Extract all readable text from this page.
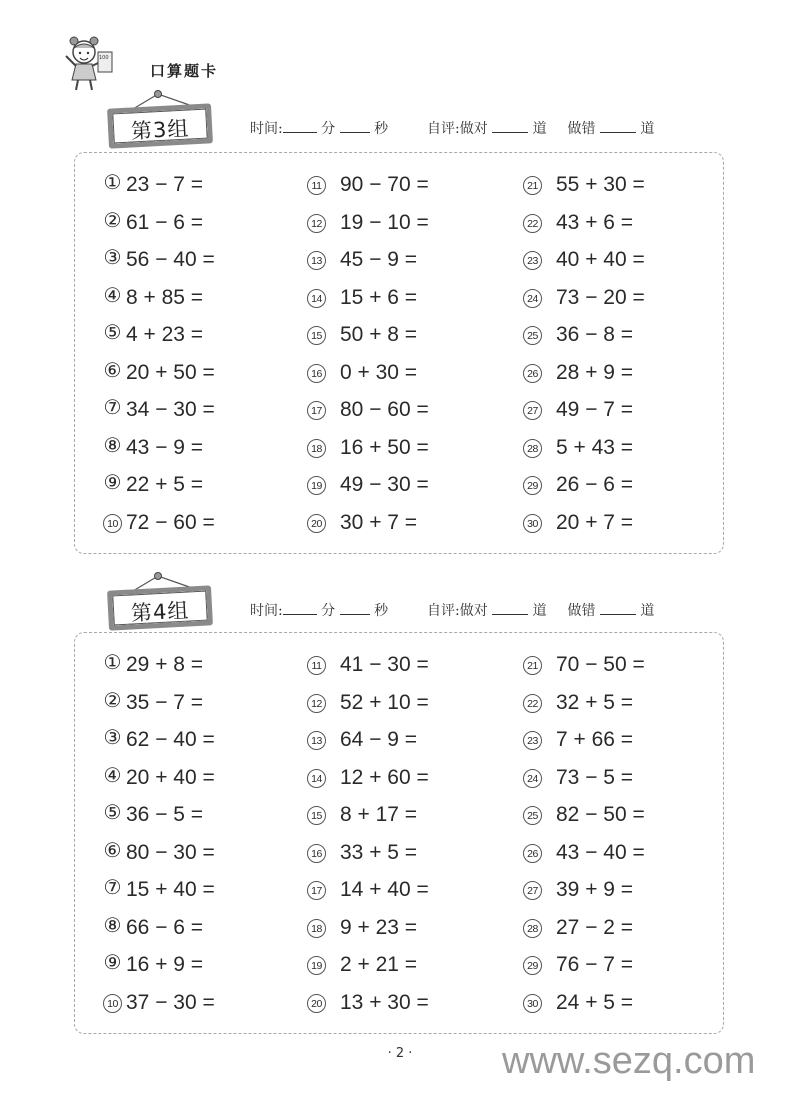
100
口算题卡
第3组	时间:	分	秒	自评:做对	道 做错	道
① 23 − 7 =
② 61 − 6 =
③ 56 − 40 =
④ 8 + 85 =
⑤ 4 + 23 =
⑥ 20 + 50 =
⑦ 34 − 30 =
⑧ 43 − 9 =
⑨ 22 + 5 =
10 72 − 60 =
11 90 − 70 =
12 19 − 10 =
13 45 − 9 =
14 15 + 6 =
15 50 + 8 =
16 0 + 30 =
17 80 − 60 =
18 16 + 50 =
19 49 − 30 =
20 30 + 7 =
21 55 + 30 =
22 43 + 6 =
23 40 + 40 =
24 73 − 20 =
25 36 − 8 =
26 28 + 9 =
27 49 − 7 =
28 5 + 43 =
29 26 − 6 =
30 20 + 7 =
第4组	时间:	分	秒	自评:做对	道 做错	道
① 29 + 8 =
② 35 − 7 =
③ 62 − 40 =
④ 20 + 40 =
⑤ 36 − 5 =
⑥ 80 − 30 =
⑦ 15 + 40 =
⑧ 66 − 6 =
⑨ 16 + 9 =
10 37 − 30 =
11 41 − 30 =
12 52 + 10 =
13 64 − 9 =
14 12 + 60 =
15 8 + 17 =
16 33 + 5 =
17 14 + 40 =
18 9 + 23 =
19 2 + 21 =
20 13 + 30 =
21 70 − 50 =
22 32 + 5 =
23 7 + 66 =
24 73 − 5 =
25 82 − 50 =
26 43 − 40 =
27 39 + 9 =
28 27 − 2 =
29 76 − 7 =
30 24 + 5 =
· 2 ·	www.sezq.com
